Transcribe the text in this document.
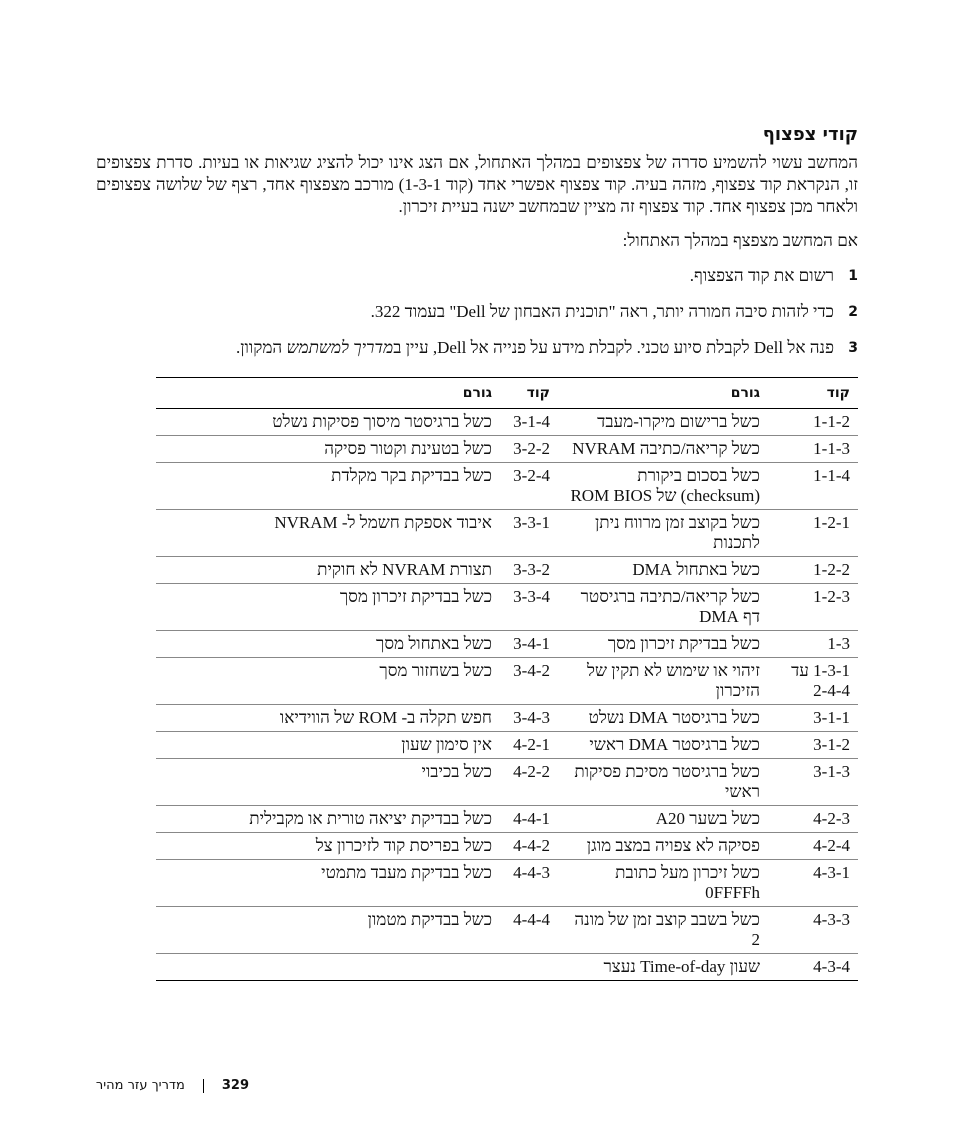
קודי צפצוף

המחשב עשוי להשמיע סדרה של צפצופים במהלך האתחול, אם הצג אינו יכול להציג שגיאות או בעיות. סדרת צפצופים זו, הנקראת קוד צפצוף, מזהה בעיה. קוד צפצוף אפשרי אחד (קוד 1-3-1) מורכב מצפצוף אחד, רצף של שלושה צפצופים ולאחר מכן צפצוף אחד. קוד צפצוף זה מציין שבמחשב ישנה בעיית זיכרון.

אם המחשב מצפצף במהלך האתחול:
1
רשום את קוד הצפצוף.
2
כדי לזהות סיבה חמורה יותר, ראה "תוכנית האבחון של Dell" בעמוד 322.
3
פנה אל Dell לקבלת סיוע טכני. לקבלת מידע על פנייה אל Dell, עיין במדריך למשתמש המקוון.
קוד	גורם	קוד	גורם
1-1-2	כשל ברישום מיקרו-מעבד	3-1-4	כשל ברגיסטר מיסוך פסיקות נשלט
1-1-3	כשל קריאה/כתיבה NVRAM	3-2-2	כשל בטעינת וקטור פסיקה
1-1-4	כשל בסכום ביקורת (checksum) של ROM BIOS	3-2-4	כשל בבדיקת בקר מקלדת
1-2-1	כשל בקוצב זמן מרווח ניתן לתכנות	3-3-1	איבוד אספקת חשמל ל- NVRAM
1-2-2	כשל באתחול DMA	3-3-2	תצורת NVRAM לא חוקית
1-2-3	כשל קריאה/כתיבה ברגיסטר דף DMA	3-3-4	כשל בבדיקת זיכרון מסך
1-3	כשל בבדיקת זיכרון מסך	3-4-1	כשל באתחול מסך
1-3-1 עד 2-4-4	זיהוי או שימוש לא תקין של הזיכרון	3-4-2	כשל בשחזור מסך
3-1-1	כשל ברגיסטר DMA נשלט	3-4-3	חפש תקלה ב- ROM של הווידיאו
3-1-2	כשל ברגיסטר DMA ראשי	4-2-1	אין סימון שעון
3-1-3	כשל ברגיסטר מסיכת פסיקות ראשי	4-2-2	כשל בכיבוי
4-2-3	כשל בשער A20	4-4-1	כשל בבדיקת יציאה טורית או מקבילית
4-2-4	פסיקה לא צפויה במצב מוגן	4-4-2	כשל בפריסת קוד לזיכרון צל
4-3-1	כשל זיכרון מעל כתובת 0FFFFh	4-4-3	כשל בבדיקת מעבד מתמטי
4-3-3	כשל בשבב קוצב זמן של מונה 2	4-4-4	כשל בבדיקת מטמון
4-3-4	שעון Time-of-day נעצר		
329
מדריך עזר מהיר
